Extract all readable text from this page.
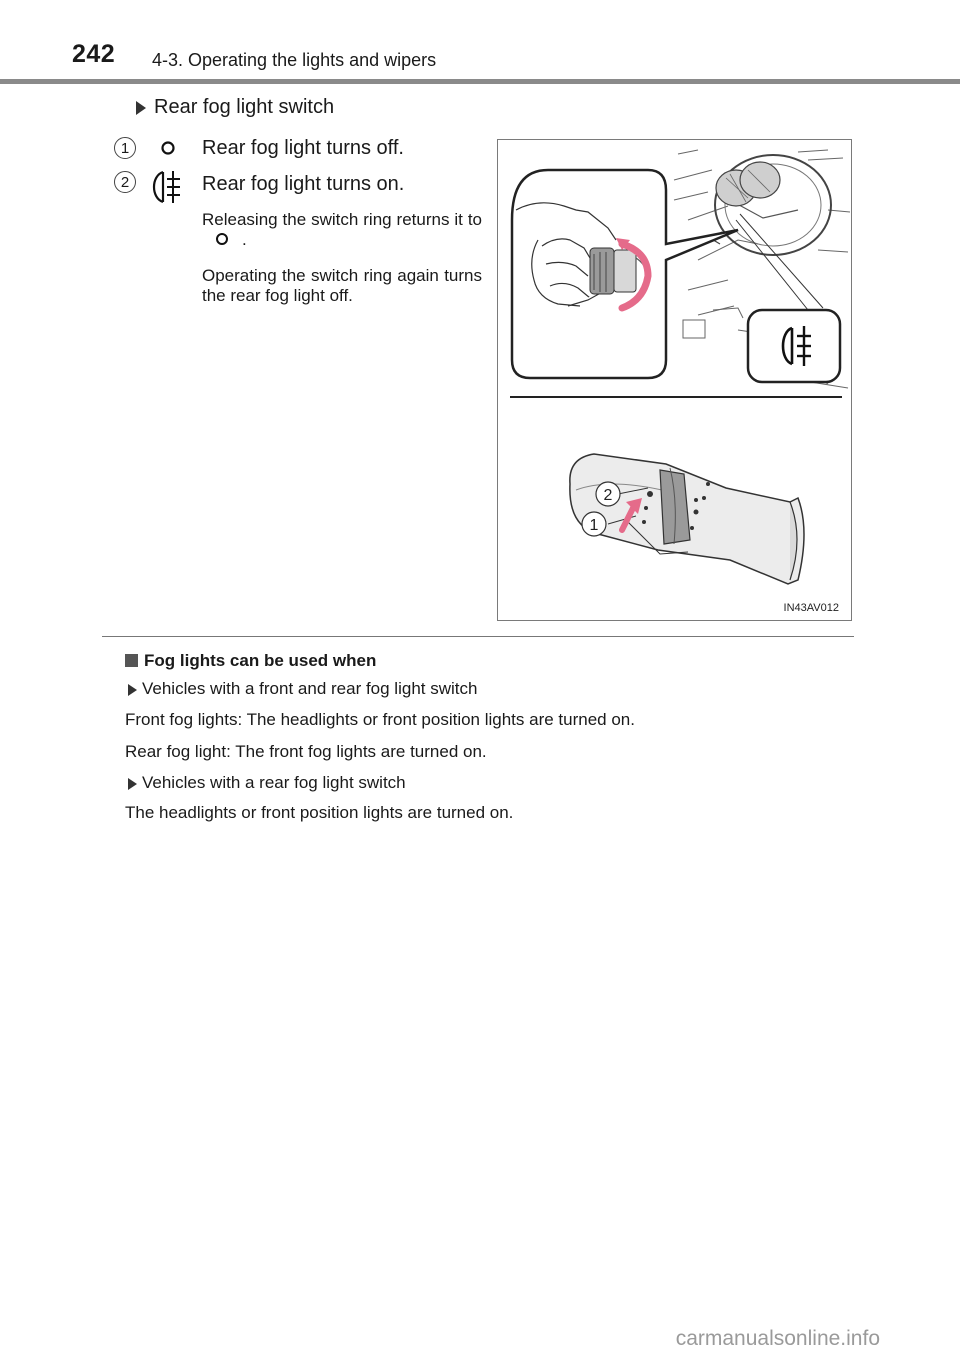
242 4-3. Operating the lights and wipers
Rear fog light switch
1	Rear fog light turns off.
2	Rear fog light turns on.
Releasing the switch ring returns it to .
Operating the switch ring again turns the rear fog light off.
2
1
IN43AV012
Fog lights can be used when
Vehicles with a front and rear fog light switch
Front fog lights: The headlights or front position lights are turned on.
Rear fog light: The front fog lights are turned on.
Vehicles with a rear fog light switch
The headlights or front position lights are turned on.
carmanualsonline.info
